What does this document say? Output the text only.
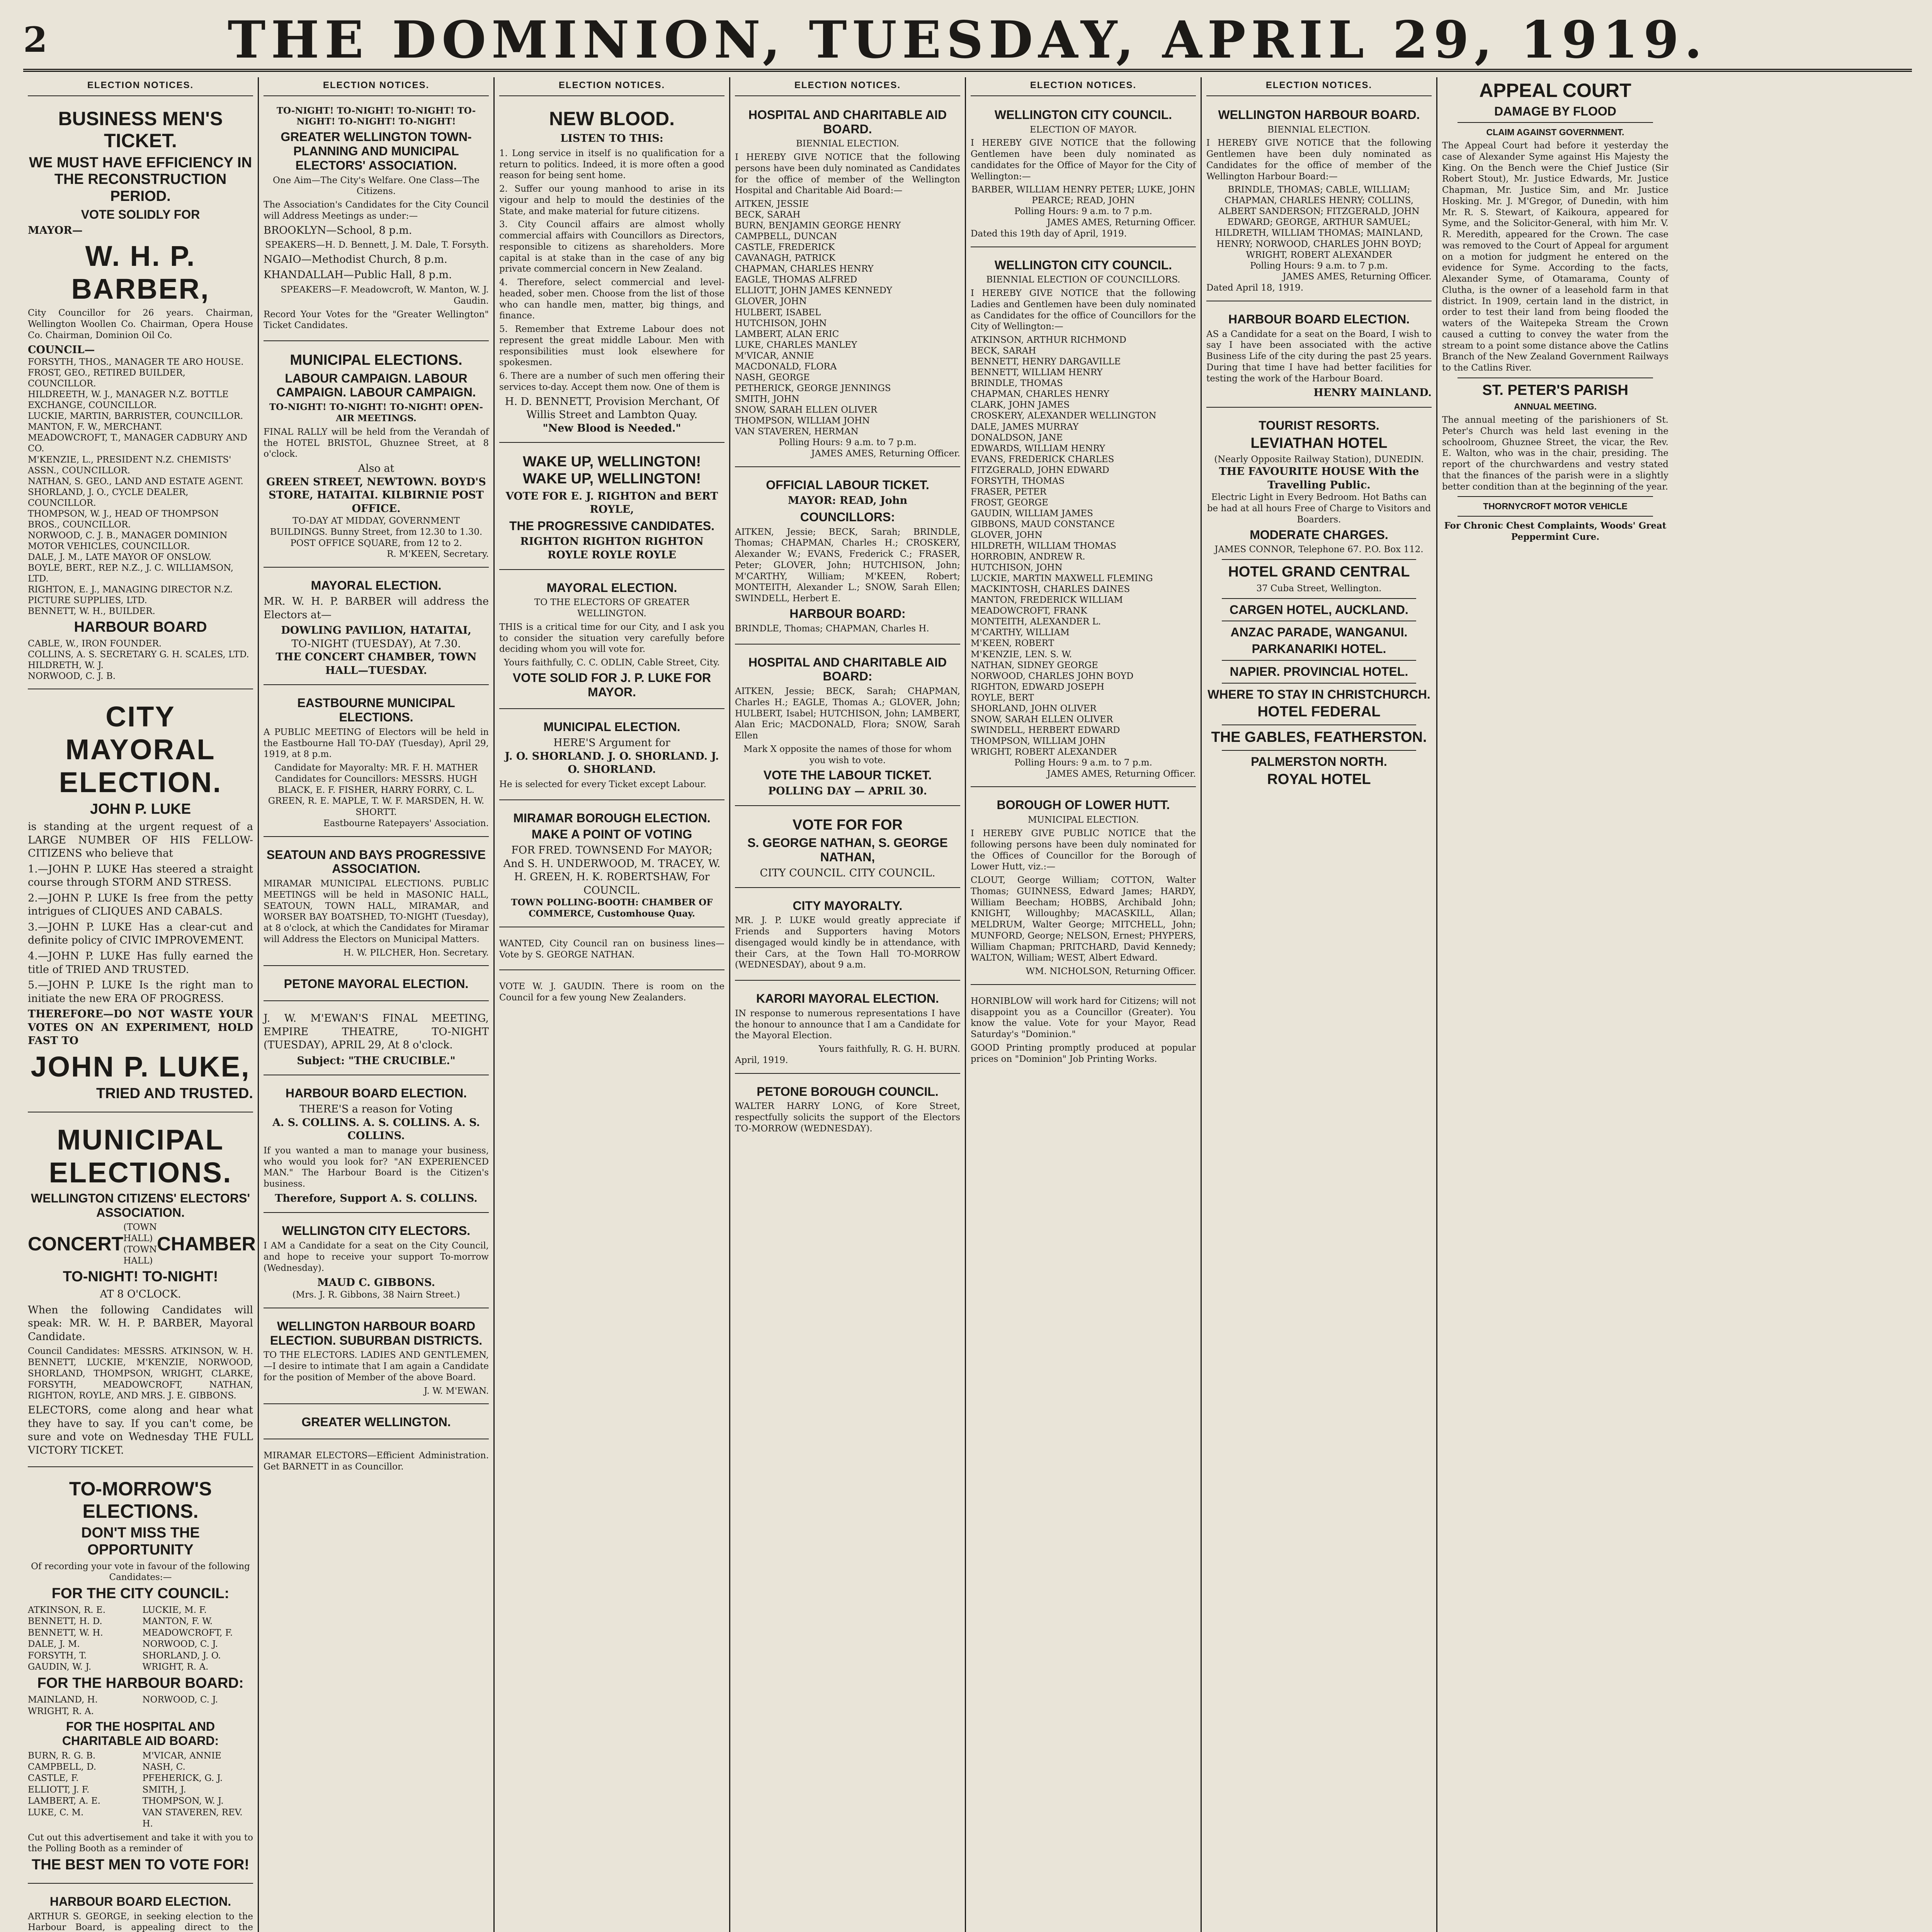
2	THE DOMINION, TUESDAY, APRIL 29, 1919.
ELECTION NOTICES.
BUSINESS MEN'S TICKET.
WE MUST HAVE EFFICIENCY IN THE RECONSTRUCTION PERIOD.
VOTE SOLIDLY FOR
MAYOR—
W. H. P. BARBER,
City Councillor for 26 years. Chairman, Wellington Woollen Co. Chairman, Opera House Co. Chairman, Dominion Oil Co.
COUNCIL—
FORSYTH, THOS., MANAGER TE ARO HOUSE.
FROST, GEO., RETIRED BUILDER, COUNCILLOR.
HILDREETH, W. J., MANAGER N.Z. BOTTLE EXCHANGE, COUNCILLOR.
LUCKIE, MARTIN, BARRISTER, COUNCILLOR.
MANTON, F. W., MERCHANT.
MEADOWCROFT, T., MANAGER CADBURY AND CO.
M'KENZIE, L., PRESIDENT N.Z. CHEMISTS' ASSN., COUNCILLOR.
NATHAN, S. GEO., LAND AND ESTATE AGENT.
SHORLAND, J. O., CYCLE DEALER, COUNCILLOR.
THOMPSON, W. J., HEAD OF THOMPSON BROS., COUNCILLOR.
NORWOOD, C. J. B., MANAGER DOMINION MOTOR VEHICLES, COUNCILLOR.
DALE, J. M., LATE MAYOR OF ONSLOW.
BOYLE, BERT., REP. N.Z., J. C. WILLIAMSON, LTD.
RIGHTON, E. J., MANAGING DIRECTOR N.Z. PICTURE SUPPLIES, LTD.
BENNETT, W. H., BUILDER.
HARBOUR BOARD
CABLE, W., IRON FOUNDER.
COLLINS, A. S. SECRETARY G. H. SCALES, LTD.
HILDRETH, W. J.
NORWOOD, C. J. B.
CITY MAYORAL ELECTION.
JOHN P. LUKE
is standing at the urgent request of a LARGE NUMBER OF HIS FELLOW-CITIZENS who believe that
1.—JOHN P. LUKE Has steered a straight course through STORM AND STRESS.
2.—JOHN P. LUKE Is free from the petty intrigues of CLIQUES AND CABALS.
3.—JOHN P. LUKE Has a clear-cut and definite policy of CIVIC IMPROVEMENT.
4.—JOHN P. LUKE Has fully earned the title of TRIED AND TRUSTED.
5.—JOHN P. LUKE Is the right man to initiate the new ERA OF PROGRESS.
THEREFORE—DO NOT WASTE YOUR VOTES ON AN EXPERIMENT, HOLD FAST TO
JOHN P. LUKE,
TRIED AND TRUSTED.
MUNICIPAL ELECTIONS.
WELLINGTON CITIZENS' ELECTORS' ASSOCIATION.
CONCERT
(TOWN HALL) (TOWN HALL)
CHAMBER
TO-NIGHT! TO-NIGHT!
AT 8 O'CLOCK.
When the following Candidates will speak: MR. W. H. P. BARBER, Mayoral Candidate.
Council Candidates: MESSRS. ATKINSON, W. H. BENNETT, LUCKIE, M'KENZIE, NORWOOD, SHORLAND, THOMPSON, WRIGHT, CLARKE, FORSYTH, MEADOWCROFT, NATHAN, RIGHTON, ROYLE, AND MRS. J. E. GIBBONS.
ELECTORS, come along and hear what they have to say. If you can't come, be sure and vote on Wednesday THE FULL VICTORY TICKET.
TO-MORROW'S ELECTIONS.
DON'T MISS THE OPPORTUNITY
Of recording your vote in favour of the following Candidates:—
FOR THE CITY COUNCIL:
ATKINSON, R. E.	LUCKIE, M. F.
BENNETT, H. D.	MANTON, F. W.
BENNETT, W. H.	MEADOWCROFT, F.
DALE, J. M.	NORWOOD, C. J.
FORSYTH, T.	SHORLAND, J. O.
GAUDIN, W. J.	WRIGHT, R. A.
FOR THE HARBOUR BOARD:
MAINLAND, H.	NORWOOD, C. J.
WRIGHT, R. A.
FOR THE HOSPITAL AND CHARITABLE AID BOARD:
BURN, R. G. B.	M'VICAR, ANNIE
CAMPBELL, D.	NASH, C.
CASTLE, F.	PFEHERICK, G. J.
ELLIOTT, J. F.	SMITH, J.
LAMBERT, A. E.	THOMPSON, W. J.
LUKE, C. M.	VAN STAVEREN, REV. H.
Cut out this advertisement and take it with you to the Polling Booth as a reminder of
THE BEST MEN TO VOTE FOR!
HARBOUR BOARD ELECTION.
ARTHUR S. GEORGE, in seeking election to the Harbour Board, is appealing direct to the
ELECTION NOTICES.
TO-NIGHT! TO-NIGHT! TO-NIGHT! TO-NIGHT! TO-NIGHT! TO-NIGHT!
GREATER WELLINGTON TOWN-PLANNING AND MUNICIPAL ELECTORS' ASSOCIATION.
One Aim—The City's Welfare. One Class—The Citizens.
The Association's Candidates for the City Council will Address Meetings as under:—
BROOKLYN—School, 8 p.m.
SPEAKERS—H. D. Bennett, J. M. Dale, T. Forsyth.
NGAIO—Methodist Church, 8 p.m.
KHANDALLAH—Public Hall, 8 p.m.
SPEAKERS—F. Meadowcroft, W. Manton, W. J. Gaudin.
Record Your Votes for the "Greater Wellington" Ticket Candidates.
MUNICIPAL ELECTIONS.
LABOUR CAMPAIGN. LABOUR CAMPAIGN. LABOUR CAMPAIGN.
TO-NIGHT! TO-NIGHT! TO-NIGHT! OPEN-AIR MEETINGS.
FINAL RALLY will be held from the Verandah of the HOTEL BRISTOL, Ghuznee Street, at 8 o'clock.
Also at
GREEN STREET, NEWTOWN. BOYD'S STORE, HATAITAI. KILBIRNIE POST OFFICE.
TO-DAY AT MIDDAY, GOVERNMENT BUILDINGS. Bunny Street, from 12.30 to 1.30.
POST OFFICE SQUARE, from 12 to 2.
R. M'KEEN, Secretary.
MAYORAL ELECTION.
MR. W. H. P. BARBER will address the Electors at—
DOWLING PAVILION, HATAITAI,
TO-NIGHT (TUESDAY), At 7.30.
THE CONCERT CHAMBER, TOWN HALL—TUESDAY.
EASTBOURNE MUNICIPAL ELECTIONS.
A PUBLIC MEETING of Electors will be held in the Eastbourne Hall TO-DAY (Tuesday), April 29, 1919, at 8 p.m.
Candidate for Mayoralty: MR. F. H. MATHER
Candidates for Councillors: MESSRS. HUGH BLACK, E. F. FISHER, HARRY FORRY, C. L. GREEN, R. E. MAPLE, T. W. F. MARSDEN, H. W. SHORTT.
Eastbourne Ratepayers' Association.
SEATOUN AND BAYS PROGRESSIVE ASSOCIATION.
MIRAMAR MUNICIPAL ELECTIONS. PUBLIC MEETINGS will be held in MASONIC HALL, SEATOUN, TOWN HALL, MIRAMAR, and WORSER BAY BOATSHED, TO-NIGHT (Tuesday), at 8 o'clock, at which the Candidates for Miramar will Address the Electors on Municipal Matters.
H. W. PILCHER, Hon. Secretary.
PETONE MAYORAL ELECTION.
J. W. M'EWAN'S FINAL MEETING, EMPIRE THEATRE, TO-NIGHT (TUESDAY), APRIL 29, At 8 o'clock.
Subject: "THE CRUCIBLE."
HARBOUR BOARD ELECTION.
THERE'S a reason for Voting
A. S. COLLINS. A. S. COLLINS. A. S. COLLINS.
If you wanted a man to manage your business, who would you look for? "AN EXPERIENCED MAN." The Harbour Board is the Citizen's business.
Therefore, Support A. S. COLLINS.
WELLINGTON CITY ELECTORS.
I AM a Candidate for a seat on the City Council, and hope to receive your support To-morrow (Wednesday).
MAUD C. GIBBONS.
(Mrs. J. R. Gibbons, 38 Nairn Street.)
WELLINGTON HARBOUR BOARD ELECTION. SUBURBAN DISTRICTS.
TO THE ELECTORS. LADIES AND GENTLEMEN,—I desire to intimate that I am again a Candidate for the position of Member of the above Board.
J. W. M'EWAN.
GREATER WELLINGTON.
MIRAMAR ELECTORS—Efficient Administration. Get BARNETT in as Councillor.
ELECTION NOTICES.
NEW BLOOD.
LISTEN TO THIS:
1. Long service in itself is no qualification for a return to politics. Indeed, it is more often a good reason for being sent home.
2. Suffer our young manhood to arise in its vigour and help to mould the destinies of the State, and make material for future citizens.
3. City Council affairs are almost wholly commercial affairs with Councillors as Directors, responsible to citizens as shareholders. More capital is at stake than in the case of any big private commercial concern in New Zealand.
4. Therefore, select commercial and level-headed, sober men. Choose from the list of those who can handle men, matter, big things, and finance.
5. Remember that Extreme Labour does not represent the great middle Labour. Men with responsibilities must look elsewhere for spokesmen.
6. There are a number of such men offering their services to-day. Accept them now. One of them is
H. D. BENNETT, Provision Merchant, Of Willis Street and Lambton Quay.
"New Blood is Needed."
WAKE UP, WELLINGTON! WAKE UP, WELLINGTON!
VOTE FOR E. J. RIGHTON and BERT ROYLE,
THE PROGRESSIVE CANDIDATES.
RIGHTON RIGHTON RIGHTON ROYLE ROYLE ROYLE
MAYORAL ELECTION.
TO THE ELECTORS OF GREATER WELLINGTON.
THIS is a critical time for our City, and I ask you to consider the situation very carefully before deciding whom you will vote for.
Yours faithfully, C. C. ODLIN, Cable Street, City.
VOTE SOLID FOR J. P. LUKE FOR MAYOR.
MUNICIPAL ELECTION.
HERE'S Argument for
J. O. SHORLAND. J. O. SHORLAND. J. O. SHORLAND.
He is selected for every Ticket except Labour.
MIRAMAR BOROUGH ELECTION.
MAKE A POINT OF VOTING
FOR FRED. TOWNSEND For MAYOR; And S. H. UNDERWOOD, M. TRACEY, W. H. GREEN, H. K. ROBERTSHAW, For COUNCIL.
TOWN POLLING-BOOTH: CHAMBER OF COMMERCE, Customhouse Quay.
WANTED, City Council ran on business lines—Vote by S. GEORGE NATHAN.
VOTE W. J. GAUDIN. There is room on the Council for a few young New Zealanders.
ELECTION NOTICES.
HOSPITAL AND CHARITABLE AID BOARD.
BIENNIAL ELECTION.
I HEREBY GIVE NOTICE that the following persons have been duly nominated as Candidates for the office of member of the Wellington Hospital and Charitable Aid Board:—
AITKEN, JESSIE
BECK, SARAH
BURN, BENJAMIN GEORGE HENRY
CAMPBELL, DUNCAN
CASTLE, FREDERICK
CAVANAGH, PATRICK
CHAPMAN, CHARLES HENRY
EAGLE, THOMAS ALFRED
ELLIOTT, JOHN JAMES KENNEDY
GLOVER, JOHN
HULBERT, ISABEL
HUTCHISON, JOHN
LAMBERT, ALAN ERIC
LUKE, CHARLES MANLEY
M'VICAR, ANNIE
MACDONALD, FLORA
NASH, GEORGE
PETHERICK, GEORGE JENNINGS
SMITH, JOHN
SNOW, SARAH ELLEN OLIVER
THOMPSON, WILLIAM JOHN
VAN STAVEREN, HERMAN
Polling Hours: 9 a.m. to 7 p.m.
JAMES AMES, Returning Officer.
OFFICIAL LABOUR TICKET.
MAYOR: READ, John
COUNCILLORS:
AITKEN, Jessie; BECK, Sarah; BRINDLE, Thomas; CHAPMAN, Charles H.; CROSKERY, Alexander W.; EVANS, Frederick C.; FRASER, Peter; GLOVER, John; HUTCHISON, John; M'CARTHY, William; M'KEEN, Robert; MONTEITH, Alexander L.; SNOW, Sarah Ellen; SWINDELL, Herbert E.
HARBOUR BOARD:
BRINDLE, Thomas; CHAPMAN, Charles H.
HOSPITAL AND CHARITABLE AID BOARD:
AITKEN, Jessie; BECK, Sarah; CHAPMAN, Charles H.; EAGLE, Thomas A.; GLOVER, John; HULBERT, Isabel; HUTCHISON, John; LAMBERT, Alan Eric; MACDONALD, Flora; SNOW, Sarah Ellen
Mark X opposite the names of those for whom you wish to vote.
VOTE THE LABOUR TICKET.
POLLING DAY — APRIL 30.
VOTE FOR FOR
S. GEORGE NATHAN, S. GEORGE NATHAN,
CITY COUNCIL. CITY COUNCIL.
CITY MAYORALTY.
MR. J. P. LUKE would greatly appreciate if Friends and Supporters having Motors disengaged would kindly be in attendance, with their Cars, at the Town Hall TO-MORROW (WEDNESDAY), about 9 a.m.
KARORI MAYORAL ELECTION.
IN response to numerous representations I have the honour to announce that I am a Candidate for the Mayoral Election.
Yours faithfully, R. G. H. BURN.
April, 1919.
PETONE BOROUGH COUNCIL.
WALTER HARRY LONG, of Kore Street, respectfully solicits the support of the Electors TO-MORROW (WEDNESDAY).
ELECTION NOTICES.
WELLINGTON CITY COUNCIL.
ELECTION OF MAYOR.
I HEREBY GIVE NOTICE that the following Gentlemen have been duly nominated as candidates for the Office of Mayor for the City of Wellington:—
BARBER, WILLIAM HENRY PETER; LUKE, JOHN PEARCE; READ, JOHN
Polling Hours: 9 a.m. to 7 p.m.
JAMES AMES, Returning Officer.
Dated this 19th day of April, 1919.
WELLINGTON CITY COUNCIL.
BIENNIAL ELECTION OF COUNCILLORS.
I HEREBY GIVE NOTICE that the following Ladies and Gentlemen have been duly nominated as Candidates for the office of Councillors for the City of Wellington:—
ATKINSON, ARTHUR RICHMOND
BECK, SARAH
BENNETT, HENRY DARGAVILLE
BENNETT, WILLIAM HENRY
BRINDLE, THOMAS
CHAPMAN, CHARLES HENRY
CLARK, JOHN JAMES
CROSKERY, ALEXANDER WELLINGTON
DALE, JAMES MURRAY
DONALDSON, JANE
EDWARDS, WILLIAM HENRY
EVANS, FREDERICK CHARLES
FITZGERALD, JOHN EDWARD
FORSYTH, THOMAS
FRASER, PETER
FROST, GEORGE
GAUDIN, WILLIAM JAMES
GIBBONS, MAUD CONSTANCE
GLOVER, JOHN
HILDRETH, WILLIAM THOMAS
HORROBIN, ANDREW R.
HUTCHISON, JOHN
LUCKIE, MARTIN MAXWELL FLEMING
MACKINTOSH, CHARLES DAINES
MANTON, FREDERICK WILLIAM
MEADOWCROFT, FRANK
MONTEITH, ALEXANDER L.
M'CARTHY, WILLIAM
M'KEEN, ROBERT
M'KENZIE, LEN. S. W.
NATHAN, SIDNEY GEORGE
NORWOOD, CHARLES JOHN BOYD
RIGHTON, EDWARD JOSEPH
ROYLE, BERT
SHORLAND, JOHN OLIVER
SNOW, SARAH ELLEN OLIVER
SWINDELL, HERBERT EDWARD
THOMPSON, WILLIAM JOHN
WRIGHT, ROBERT ALEXANDER
Polling Hours: 9 a.m. to 7 p.m.
JAMES AMES, Returning Officer.
BOROUGH OF LOWER HUTT.
MUNICIPAL ELECTION.
I HEREBY GIVE PUBLIC NOTICE that the following persons have been duly nominated for the Offices of Councillor for the Borough of Lower Hutt, viz.:—
CLOUT, George William; COTTON, Walter Thomas; GUINNESS, Edward James; HARDY, William Beecham; HOBBS, Archibald John; KNIGHT, Willoughby; MACASKILL, Allan; MELDRUM, Walter George; MITCHELL, John; MUNFORD, George; NELSON, Ernest; PHYPERS, William Chapman; PRITCHARD, David Kennedy; WALTON, William; WEST, Albert Edward.
WM. NICHOLSON, Returning Officer.
HORNIBLOW will work hard for Citizens; will not disappoint you as a Councillor (Greater). You know the value. Vote for your Mayor, Read Saturday's "Dominion."
GOOD Printing promptly produced at popular prices on "Dominion" Job Printing Works.
ELECTION NOTICES.
WELLINGTON HARBOUR BOARD.
BIENNIAL ELECTION.
I HEREBY GIVE NOTICE that the following Gentlemen have been duly nominated as Candidates for the office of member of the Wellington Harbour Board:—
BRINDLE, THOMAS; CABLE, WILLIAM; CHAPMAN, CHARLES HENRY; COLLINS, ALBERT SANDERSON; FITZGERALD, JOHN EDWARD; GEORGE, ARTHUR SAMUEL; HILDRETH, WILLIAM THOMAS; MAINLAND, HENRY; NORWOOD, CHARLES JOHN BOYD; WRIGHT, ROBERT ALEXANDER
Polling Hours: 9 a.m. to 7 p.m.
JAMES AMES, Returning Officer.
Dated April 18, 1919.
HARBOUR BOARD ELECTION.
AS a Candidate for a seat on the Board, I wish to say I have been associated with the active Business Life of the city during the past 25 years. During that time I have had better facilities for testing the work of the Harbour Board.
HENRY MAINLAND.
TOURIST RESORTS.
LEVIATHAN HOTEL
(Nearly Opposite Railway Station), DUNEDIN.
THE FAVOURITE HOUSE With the Travelling Public.
Electric Light in Every Bedroom. Hot Baths can be had at all hours Free of Charge to Visitors and Boarders.
MODERATE CHARGES.
JAMES CONNOR, Telephone 67. P.O. Box 112.
HOTEL GRAND CENTRAL
37 Cuba Street, Wellington.
CARGEN HOTEL, AUCKLAND.
ANZAC PARADE, WANGANUI.
PARKANARIKI HOTEL.
NAPIER. PROVINCIAL HOTEL.
WHERE TO STAY IN CHRISTCHURCH.
HOTEL FEDERAL
THE GABLES, FEATHERSTON.
PALMERSTON NORTH.
ROYAL HOTEL
APPEAL COURT
DAMAGE BY FLOOD
CLAIM AGAINST GOVERNMENT.
The Appeal Court had before it yesterday the case of Alexander Syme against His Majesty the King. On the Bench were the Chief Justice (Sir Robert Stout), Mr. Justice Edwards, Mr. Justice Chapman, Mr. Justice Sim, and Mr. Justice Hosking. Mr. J. M'Gregor, of Dunedin, with him Mr. R. S. Stewart, of Kaikoura, appeared for Syme, and the Solicitor-General, with him Mr. V. R. Meredith, appeared for the Crown. The case was removed to the Court of Appeal for argument on a motion for judgment he entered on the evidence for Syme. According to the facts, Alexander Syme, of Otamarama, County of Clutha, is the owner of a leasehold farm in that district. In 1909, certain land in the district, in order to test their land from being flooded the waters of the Waitepeka Stream the Crown caused a cutting to convey the water from the stream to a point some distance above the Catlins Branch of the New Zealand Government Railways to the Catlins River.
ST. PETER'S PARISH
ANNUAL MEETING.
The annual meeting of the parishioners of St. Peter's Church was held last evening in the schoolroom, Ghuznee Street, the vicar, the Rev. E. Walton, who was in the chair, presiding. The report of the churchwardens and vestry stated that the finances of the parish were in a slightly better condition than at the beginning of the year.
THORNYCROFT MOTOR VEHICLE
For Chronic Chest Complaints, Woods' Great Peppermint Cure.
